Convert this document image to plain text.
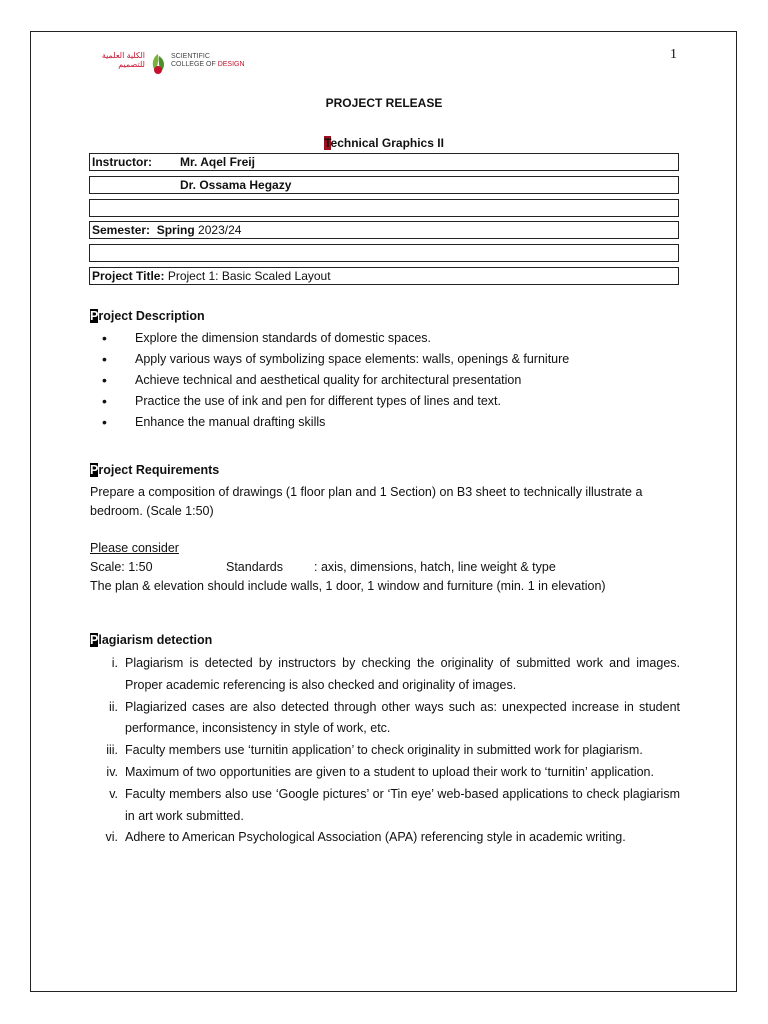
1
الكلية العلمية
للتصميم
SCIENTIFIC
COLLEGE OF DESIGN
PROJECT RELEASE
Technical Graphics II
Instructor: Mr. Aqel Freij
Dr. Ossama Hegazy
Semester: Spring 2023/24
Project Title: Project 1: Basic Scaled Layout
Project Description
• Explore the dimension standards of domestic spaces.
• Apply various ways of symbolizing space elements: walls, openings & furniture
• Achieve technical and aesthetical quality for architectural presentation
• Practice the use of ink and pen for different types of lines and text.
• Enhance the manual drafting skills
Project Requirements
Prepare a composition of drawings (1 floor plan and 1 Section) on B3 sheet to technically illustrate a bedroom. (Scale 1:50)
Please consider
Scale: 1:50	Standards : axis, dimensions, hatch, line weight & type
The plan & elevation should include walls, 1 door, 1 window and furniture (min. 1 in elevation)
Plagiarism detection
i. Plagiarism is detected by instructors by checking the originality of submitted work and images. Proper academic referencing is also checked and originality of images.
ii. Plagiarized cases are also detected through other ways such as: unexpected increase in student performance, inconsistency in style of work, etc.
iii. Faculty members use ‘turnitin application’ to check originality in submitted work for plagiarism.
iv. Maximum of two opportunities are given to a student to upload their work to ‘turnitin’ application.
v. Faculty members also use ‘Google pictures’ or ‘Tin eye’ web-based applications to check plagiarism in art work submitted.
vi. Adhere to American Psychological Association (APA) referencing style in academic writing.
